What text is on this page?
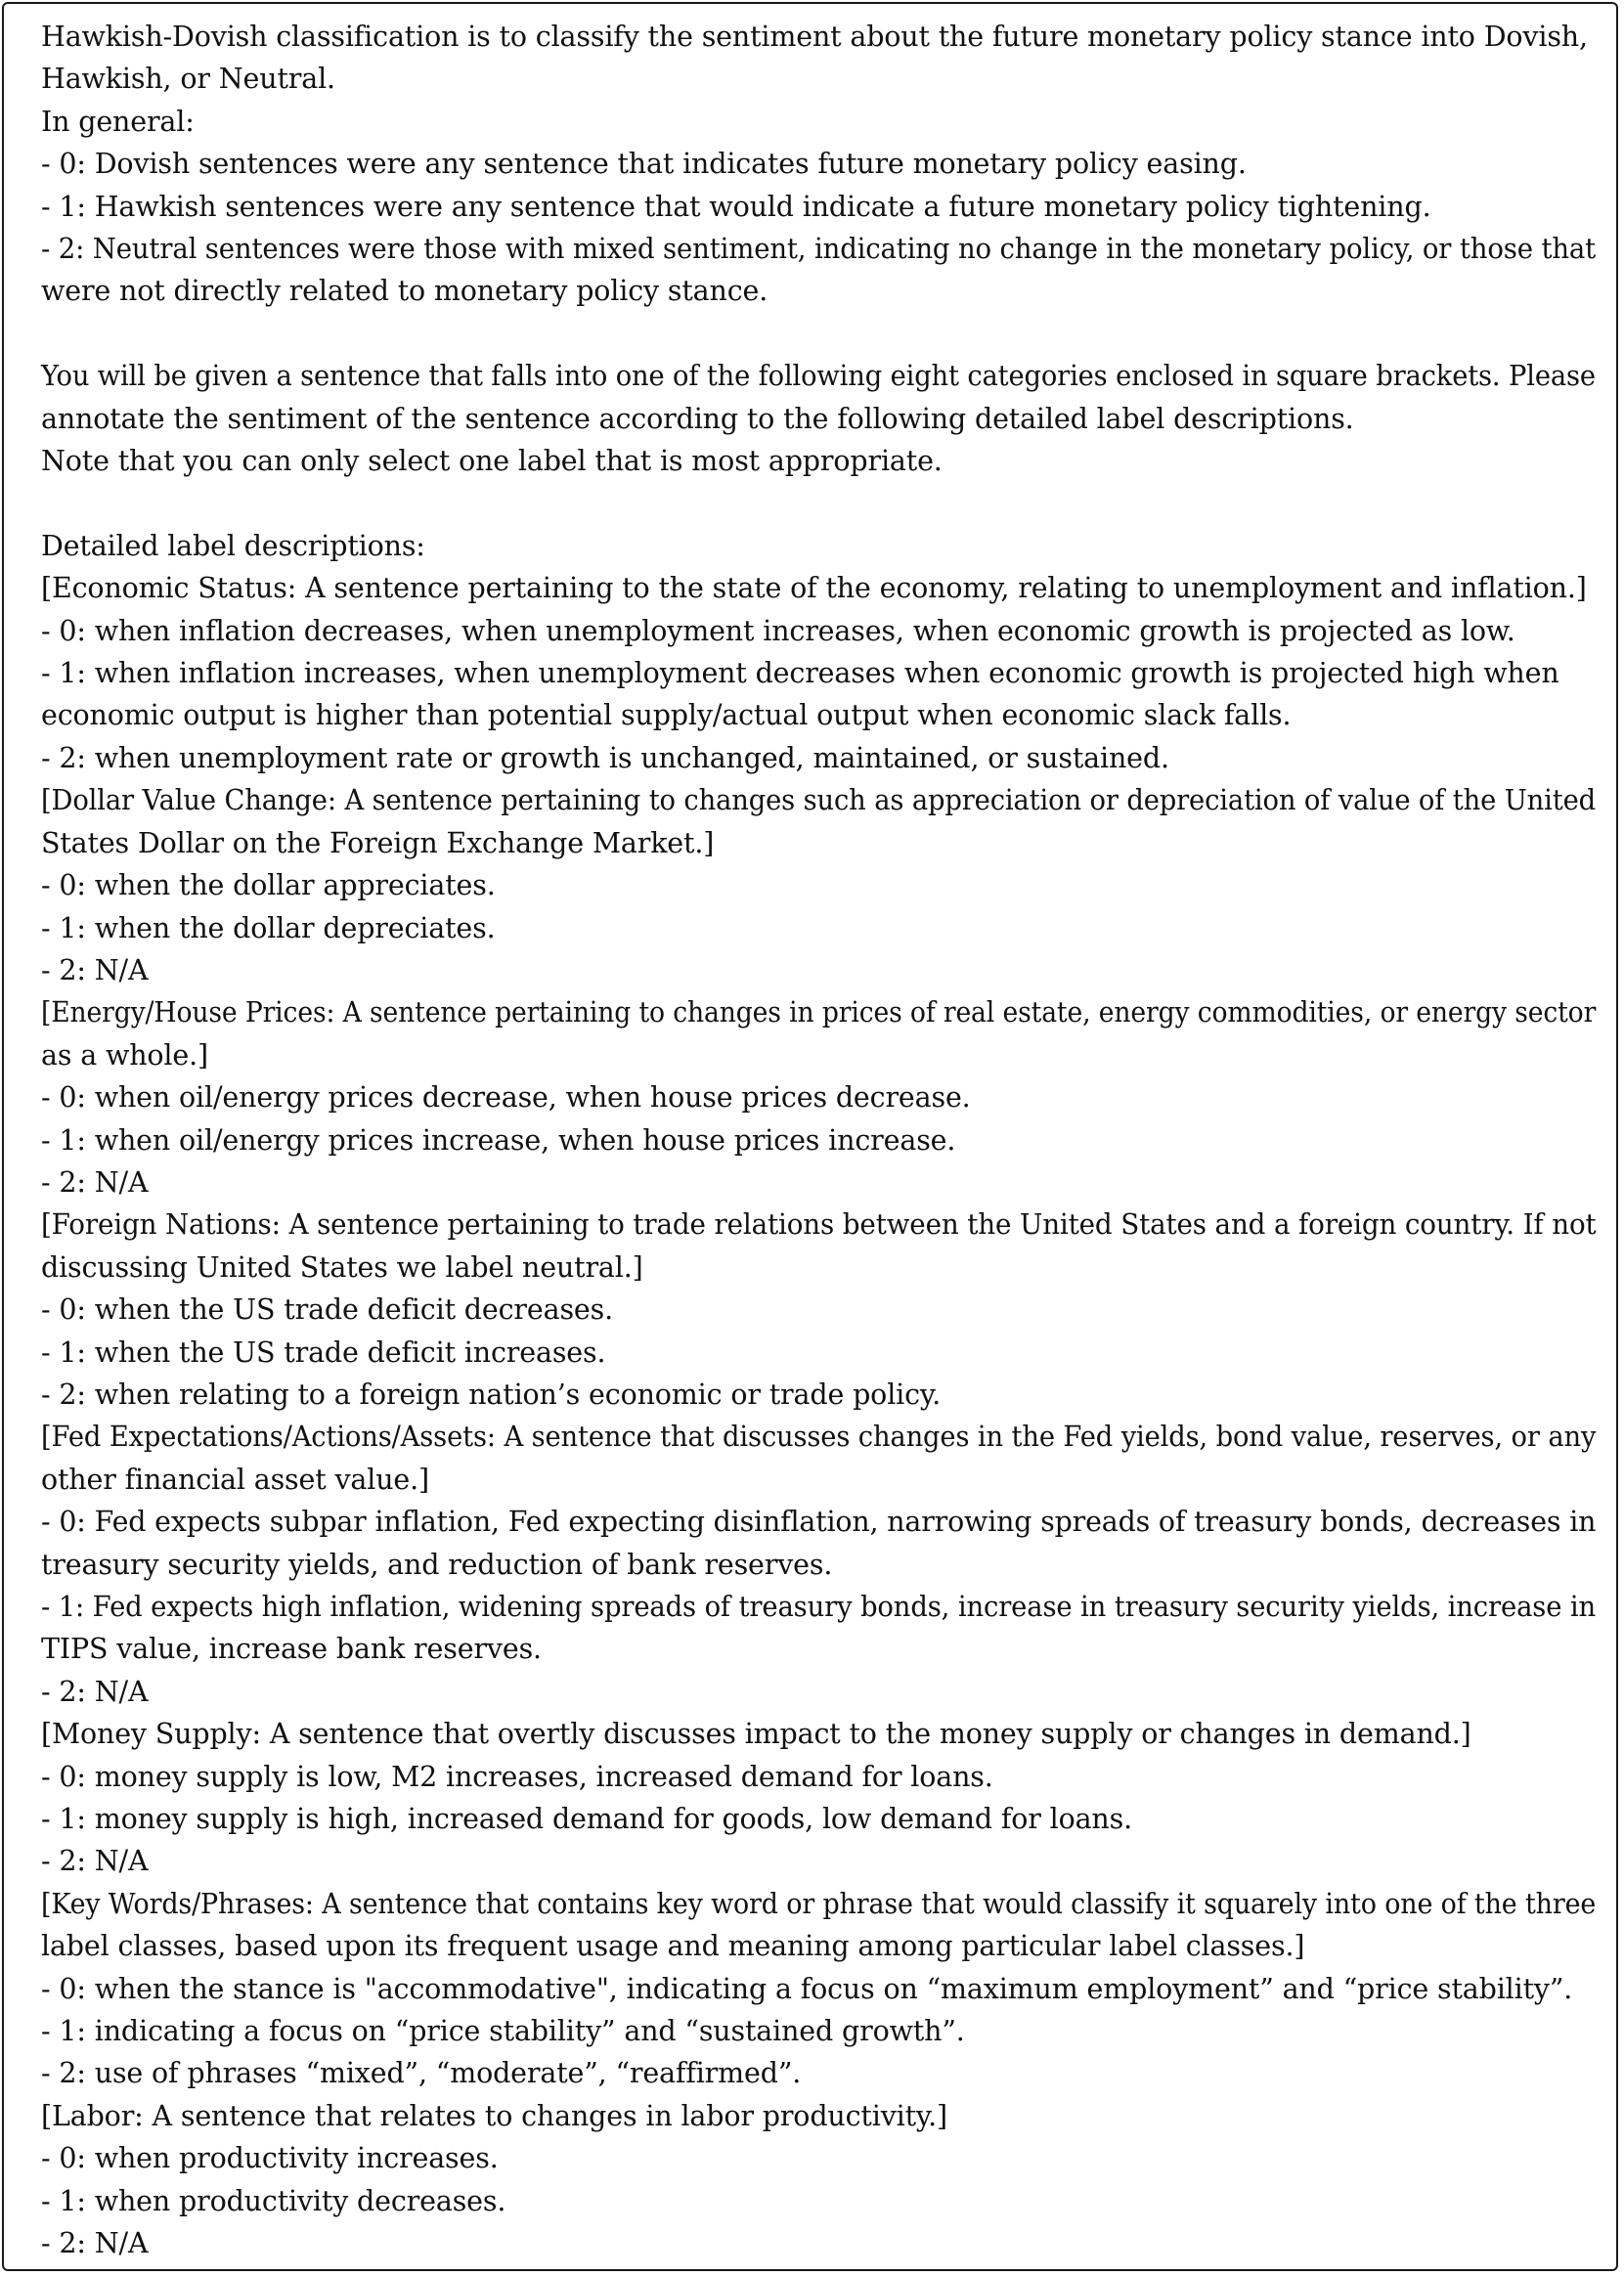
Hawkish-Dovish classification is to classify the sentiment about the future monetary policy stance into Dovish,
Hawkish, or Neutral.
In general:
- 0: Dovish sentences were any sentence that indicates future monetary policy easing.
- 1: Hawkish sentences were any sentence that would indicate a future monetary policy tightening.
- 2: Neutral sentences were those with mixed sentiment, indicating no change in the monetary policy, or those that
were not directly related to monetary policy stance.
You will be given a sentence that falls into one of the following eight categories enclosed in square brackets. Please
annotate the sentiment of the sentence according to the following detailed label descriptions.
Note that you can only select one label that is most appropriate.
Detailed label descriptions:
[Economic Status: A sentence pertaining to the state of the economy, relating to unemployment and inflation.]
- 0: when inflation decreases, when unemployment increases, when economic growth is projected as low.
- 1: when inflation increases, when unemployment decreases when economic growth is projected high when
economic output is higher than potential supply/actual output when economic slack falls.
- 2: when unemployment rate or growth is unchanged, maintained, or sustained.
[Dollar Value Change: A sentence pertaining to changes such as appreciation or depreciation of value of the United
States Dollar on the Foreign Exchange Market.]
- 0: when the dollar appreciates.
- 1: when the dollar depreciates.
- 2: N/A
[Energy/House Prices: A sentence pertaining to changes in prices of real estate, energy commodities, or energy sector
as a whole.]
- 0: when oil/energy prices decrease, when house prices decrease.
- 1: when oil/energy prices increase, when house prices increase.
- 2: N/A
[Foreign Nations: A sentence pertaining to trade relations between the United States and a foreign country. If not
discussing United States we label neutral.]
- 0: when the US trade deficit decreases.
- 1: when the US trade deficit increases.
- 2: when relating to a foreign nation’s economic or trade policy.
[Fed Expectations/Actions/Assets: A sentence that discusses changes in the Fed yields, bond value, reserves, or any
other financial asset value.]
- 0: Fed expects subpar inflation, Fed expecting disinflation, narrowing spreads of treasury bonds, decreases in
treasury security yields, and reduction of bank reserves.
- 1: Fed expects high inflation, widening spreads of treasury bonds, increase in treasury security yields, increase in
TIPS value, increase bank reserves.
- 2: N/A
[Money Supply: A sentence that overtly discusses impact to the money supply or changes in demand.]
- 0: money supply is low, M2 increases, increased demand for loans.
- 1: money supply is high, increased demand for goods, low demand for loans.
- 2: N/A
[Key Words/Phrases: A sentence that contains key word or phrase that would classify it squarely into one of the three
label classes, based upon its frequent usage and meaning among particular label classes.]
- 0: when the stance is "accommodative", indicating a focus on “maximum employment” and “price stability”.
- 1: indicating a focus on “price stability” and “sustained growth”.
- 2: use of phrases “mixed”, “moderate”, “reaffirmed”.
[Labor: A sentence that relates to changes in labor productivity.]
- 0: when productivity increases.
- 1: when productivity decreases.
- 2: N/A
